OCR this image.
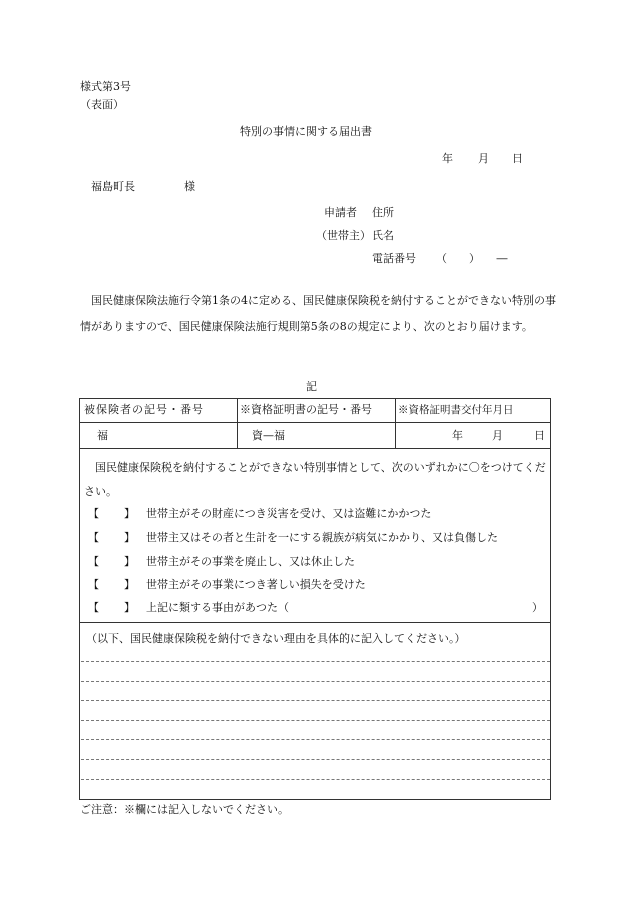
様式第3号
（表面）
特別の事情に関する届出書
年 月 日
福島町長	様
申請者 住所
（世帯主） 氏名
電話番号 （　　）　　―
国民健康保険法施行令第1条の4に定める、国民健康保険税を納付することができない特別の事情がありますので、国民健康保険法施行規則第5条の8の規定により、次のとおり届けます。
記
被保険者の記号・番号	※資格証明書の記号・番号 ※資格証明書交付年月日
福	資—福	年	月	日
国民健康保険税を納付することができない特別事情として、次のいずれかに〇をつけてください。
【	】 世帯主がその財産につき災害を受け、又は盗難にかかつた
【 】 世帯主又はその者と生計を一にする親族が病気にかかり、又は負傷した
【 】 世帯主がその事業を廃止し、又は休止した
【 】 世帯主がその事業につき著しい損失を受けた
【 】 上記に類する事由があつた（	）
（以下、国民健康保険税を納付できない理由を具体的に記入してください。）
ご注意：※欄には記入しないでください。
